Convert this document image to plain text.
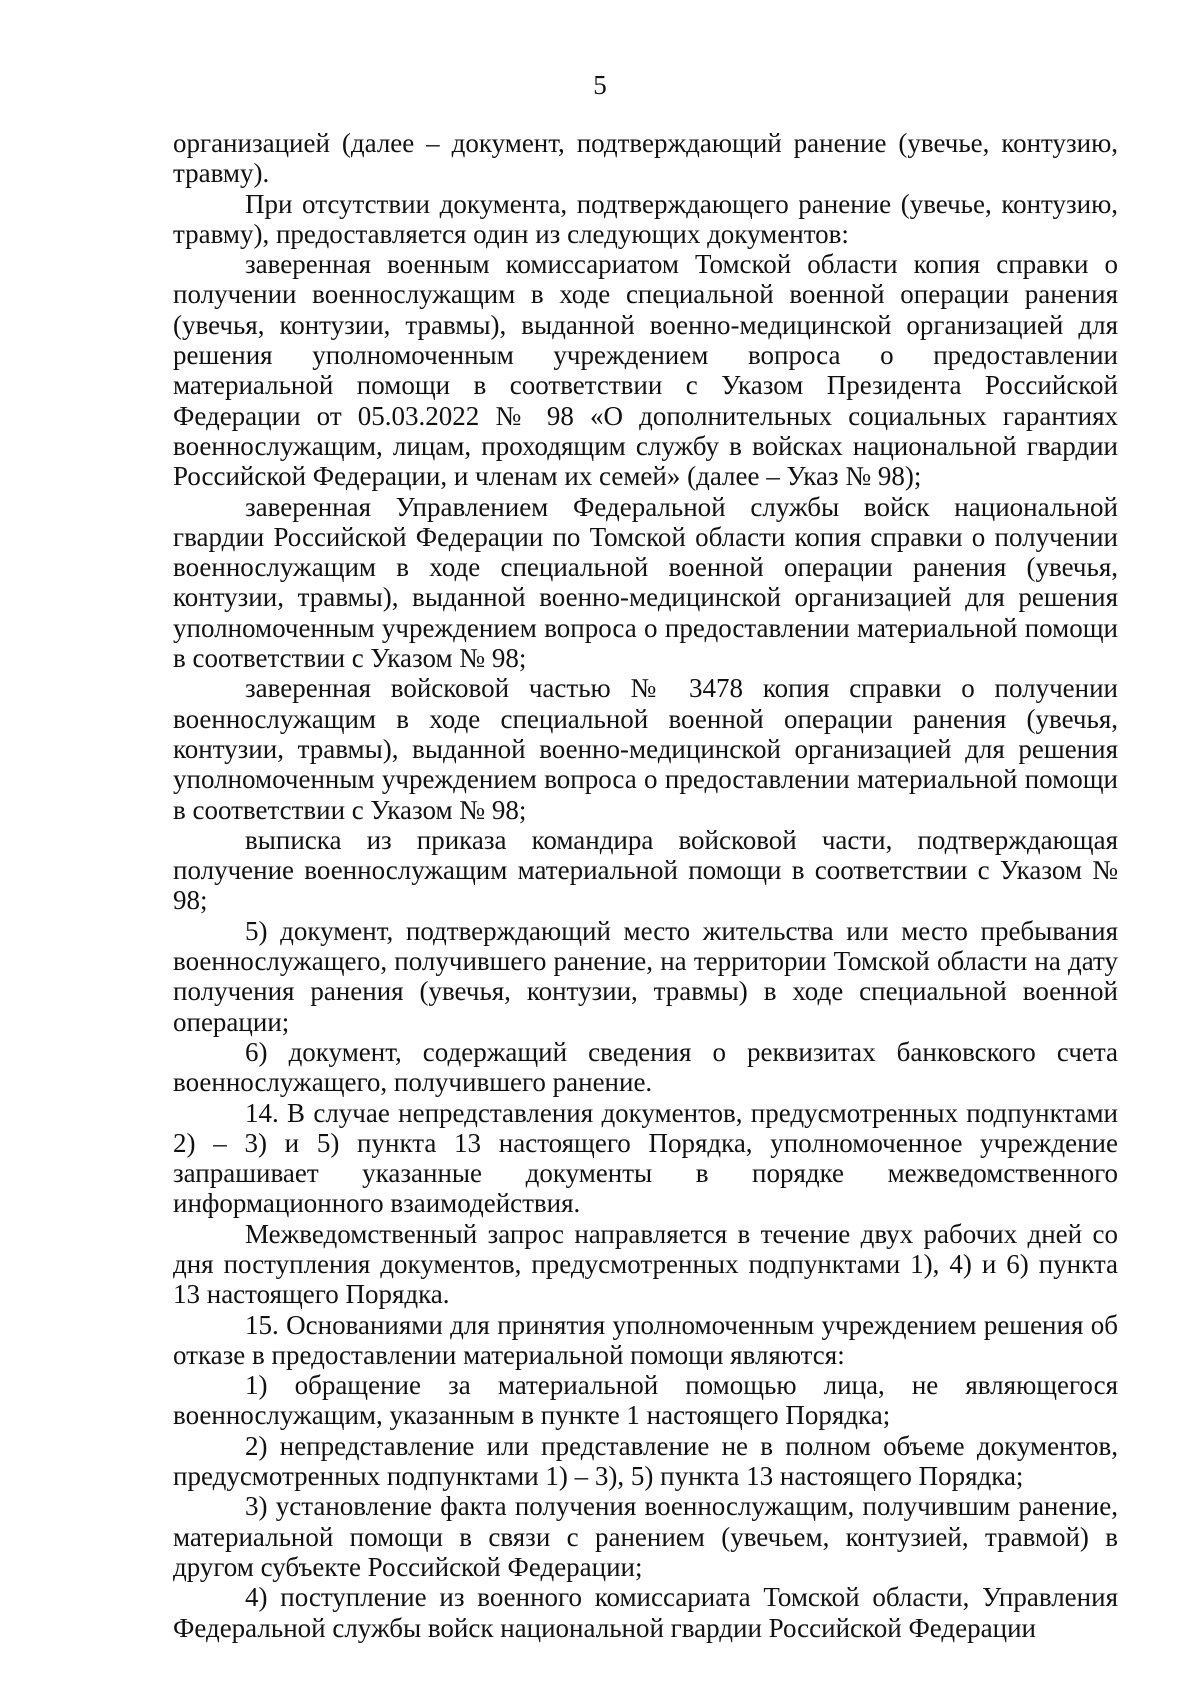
5

организацией (далее – документ, подтверждающий ранение (увечье, контузию, травму).

При отсутствии документа, подтверждающего ранение (увечье, контузию, травму), предоставляется один из следующих документов:

заверенная военным комиссариатом Томской области копия справки о получении военнослужащим в ходе специальной военной операции ранения (увечья, контузии, травмы), выданной военно-медицинской организацией для решения уполномоченным учреждением вопроса о предоставлении материальной помощи в соответствии с Указом Президента Российской Федерации от 05.03.2022 № 98 «О дополнительных социальных гарантиях военнослужащим, лицам, проходящим службу в войсках национальной гвардии Российской Федерации, и членам их семей» (далее – Указ № 98);

заверенная Управлением Федеральной службы войск национальной гвардии Российской Федерации по Томской области копия справки о получении военнослужащим в ходе специальной военной операции ранения (увечья, контузии, травмы), выданной военно-медицинской организацией для решения уполномоченным учреждением вопроса о предоставлении материальной помощи в соответствии с Указом № 98;

заверенная войсковой частью № 3478 копия справки о получении военнослужащим в ходе специальной военной операции ранения (увечья, контузии, травмы), выданной военно-медицинской организацией для решения уполномоченным учреждением вопроса о предоставлении материальной помощи в соответствии с Указом № 98;

выписка из приказа командира войсковой части, подтверждающая получение военнослужащим материальной помощи в соответствии с Указом № 98;

5) документ, подтверждающий место жительства или место пребывания военнослужащего, получившего ранение, на территории Томской области на дату получения ранения (увечья, контузии, травмы) в ходе специальной военной операции;

6) документ, содержащий сведения о реквизитах банковского счета военнослужащего, получившего ранение.

14. В случае непредставления документов, предусмотренных подпунктами 2) – 3) и 5) пункта 13 настоящего Порядка, уполномоченное учреждение запрашивает указанные документы в порядке межведомственного информационного взаимодействия.

Межведомственный запрос направляется в течение двух рабочих дней со дня поступления документов, предусмотренных подпунктами 1), 4) и 6) пункта 13 настоящего Порядка.

15. Основаниями для принятия уполномоченным учреждением решения об отказе в предоставлении материальной помощи являются:

1) обращение за материальной помощью лица, не являющегося военнослужащим, указанным в пункте 1 настоящего Порядка;

2) непредставление или представление не в полном объеме документов, предусмотренных подпунктами 1) – 3), 5) пункта 13 настоящего Порядка;

3) установление факта получения военнослужащим, получившим ранение, материальной помощи в связи с ранением (увечьем, контузией, травмой) в другом субъекте Российской Федерации;

4) поступление из военного комиссариата Томской области, Управления Федеральной службы войск национальной гвардии Российской Федерации
